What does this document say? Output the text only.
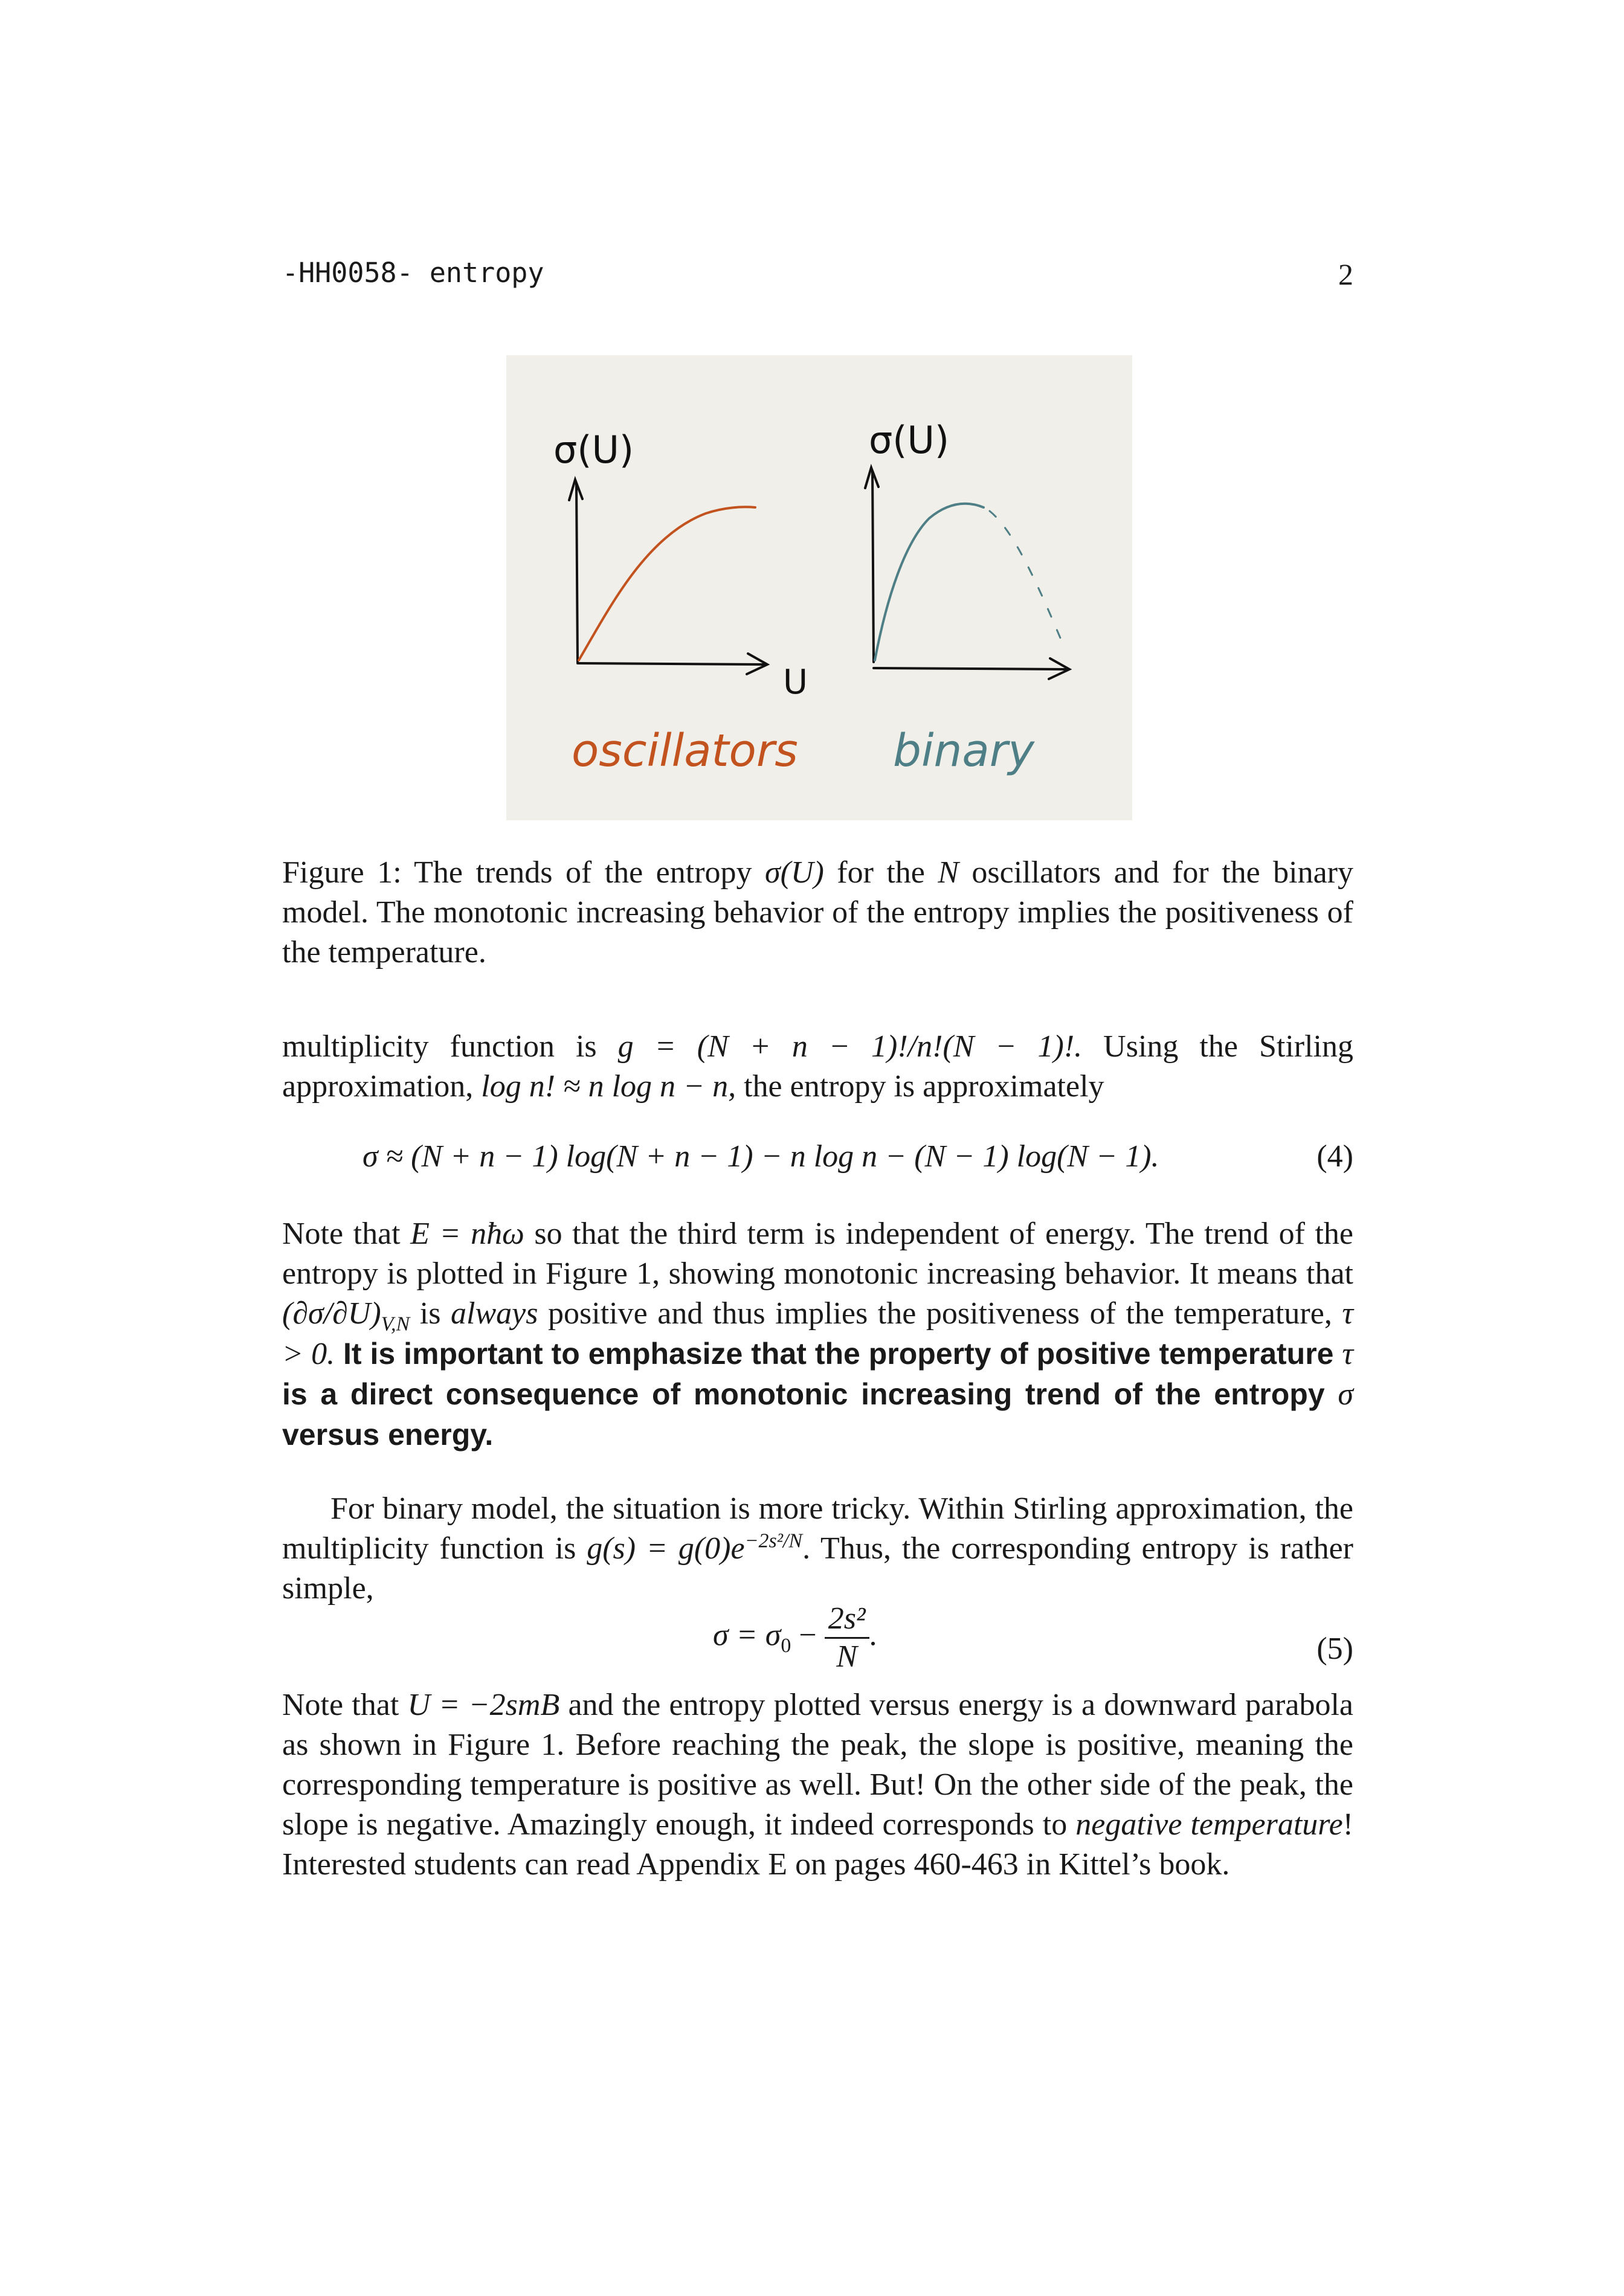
-HH0058- entropy	2
σ(U)	σ(U)
U
oscillators binary
Figure 1: The trends of the entropy σ(U) for the N oscillators and for the binary model. The monotonic increasing behavior of the entropy implies the positiveness of the temperature.
multiplicity function is g = (N + n − 1)!/n!(N − 1)!. Using the Stirling approximation, log n! ≈ n log n − n, the entropy is approximately
σ ≈ (N + n − 1) log(N + n − 1) − n log n − (N − 1) log(N − 1).	(4)
Note that E = nħω so that the third term is independent of energy. The trend of the entropy is plotted in Figure 1, showing monotonic increasing behavior. It means that $(\partial\sigma/\partial U)_{V,N}$ is always positive and thus implies the positiveness of the temperature, τ > 0. It is important to emphasize that the property of positive temperature τ is a direct consequence of monotonic increasing trend of the entropy σ versus energy.
For binary model, the situation is more tricky. Within Stirling approximation, the multiplicity function is $g(s) = g(0)e^{-2s^2/N}$. Thus, the corresponding entropy is rather simple,
$\sigma = \sigma_0 - \frac{\text{2s²}}{N}$ .	(5)
Note that U = −2smB and the entropy plotted versus energy is a downward parabola as shown in Figure 1. Before reaching the peak, the slope is positive, meaning the corresponding temperature is positive as well. But! On the other side of the peak, the slope is negative. Amazingly enough, it indeed corresponds to negative temperature! Interested students can read Appendix E on pages 460-463 in Kittel’s book.
